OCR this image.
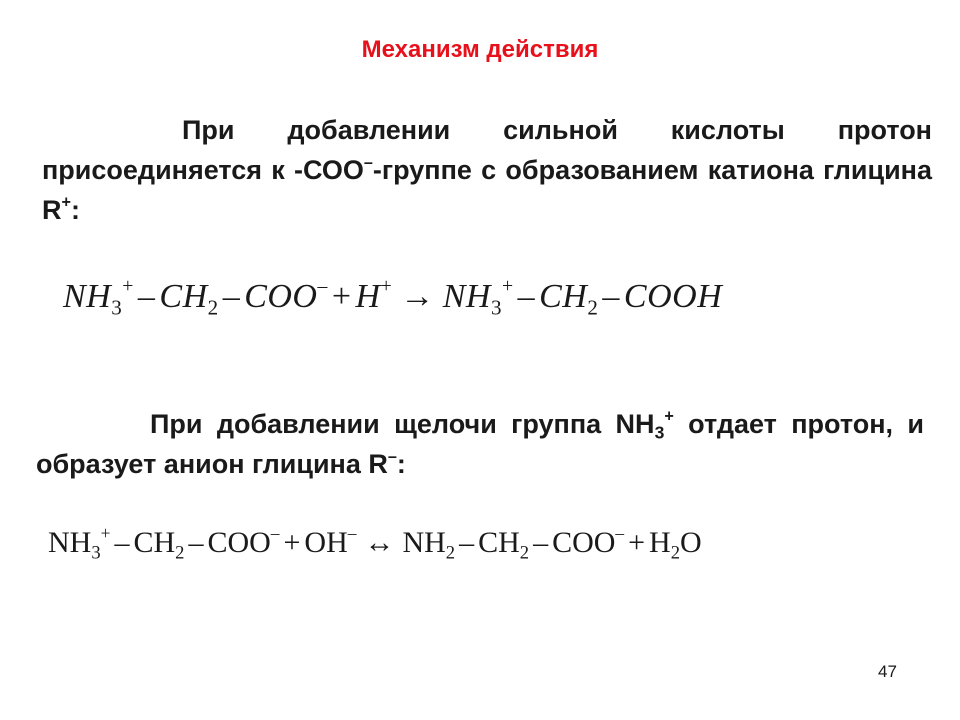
Механизм действия
При добавлении сильной кислоты протон присоединяется к -СОО–-группе с образованием катиона глицина R+:
$NH_3^+ - CH_2 - COO^- + H^+ \to NH_3^+ - CH_2$ – COOH
При добавлении щелочи группа $NH_3^+$ отдает протон, и образует анион глицина R–:
$NH_3^+ - CH_2 - COO^- + OH^-$ ↔ $NH_2 - CH_2 - COO^- + H_2O$
47
